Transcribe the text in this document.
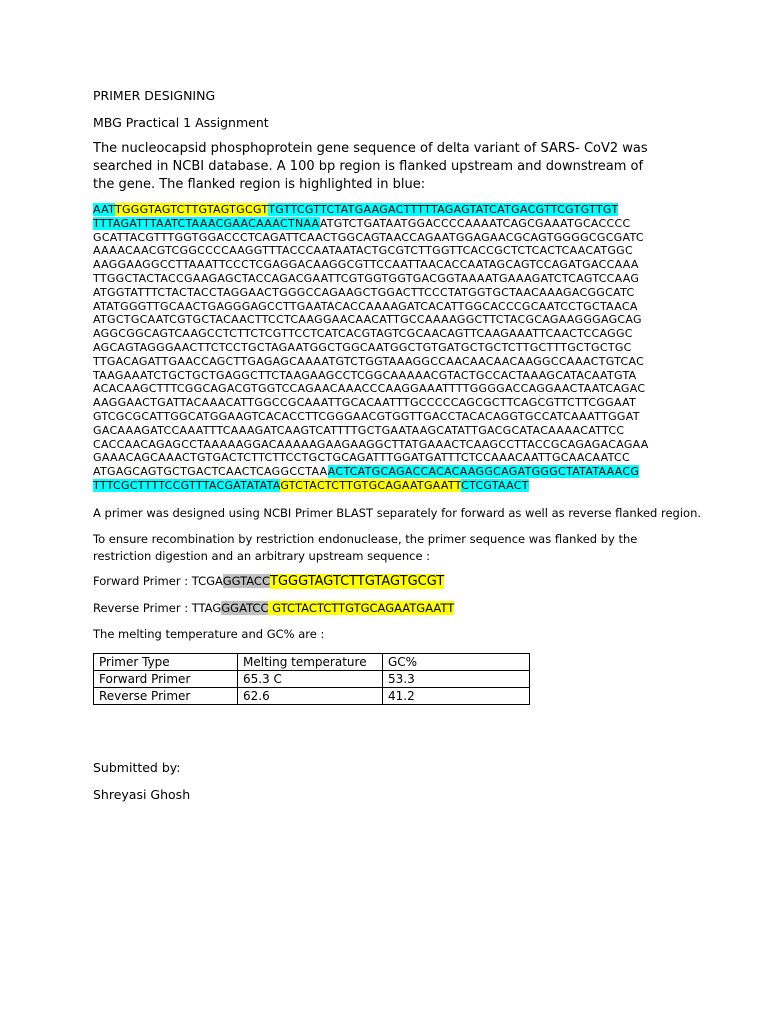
PRIMER DESIGNING

MBG Practical 1 Assignment

The nucleocapsid phosphoprotein gene sequence of delta variant of SARS- CoV2 was searched in NCBI database. A 100 bp region is flanked upstream and downstream of the gene. The flanked region is highlighted in blue:

AATTGGGTAGTCTTGTAGTGCGTTGTTCGTTCTATGAAGACTTTTTAGAGTATCATGACGTTCGTGTTGT
TTTAGATTTAATCTAAACGAACAAACTNAAATGTCTGATAATGGACCCCAAAATCAGCGAAATGCACCCC
GCATTACGTTTGGTGGACCCTCAGATTCAACTGGCAGTAACCAGAATGGAGAACGCAGTGGGGCGCGATC
AAAACAACGTCGGCCCCAAGGTTTACCCAATAATACTGCGTCTTGGTTCACCGCTCTCACTCAACATGGC
AAGGAAGGCCTTAAATTCCCTCGAGGACAAGGCGTTCCAATTAACACCAATAGCAGTCCAGATGACCAAA
TTGGCTACTACCGAAGAGCTACCAGACGAATTCGTGGTGGTGACGGTAAAATGAAAGATCTCAGTCCAAG
ATGGTATTTCTACTACCTAGGAACTGGGCCAGAAGCTGGACTTCCCTATGGTGCTAACAAAGACGGCATC
ATATGGGTTGCAACTGAGGGAGCCTTGAATACACCAAAAGATCACATTGGCACCCGCAATCCTGCTAACA
ATGCTGCAATCGTGCTACAACTTCCTCAAGGAACAACATTGCCAAAAGGCTTCTACGCAGAAGGGAGCAG
AGGCGGCAGTCAAGCCTCTTCTCGTTCCTCATCACGTAGTCGCAACAGTTCAAGAAATTCAACTCCAGGC
AGCAGTAGGGAACTTCTCCTGCTAGAATGGCTGGCAATGGCTGTGATGCTGCTCTTGCTTTGCTGCTGC
TTGACAGATTGAACCAGCTTGAGAGCAAAATGTCTGGTAAAGGCCAACAACAACAAGGCCAAACTGTCAC
TAAGAAATCTGCTGCTGAGGCTTCTAAGAAGCCTCGGCAAAAACGTACTGCCACTAAAGCATACAATGTA
ACACAAGCTTTCGGCAGACGTGGTCCAGAACAAACCCAAGGAAATTTTGGGGACCAGGAACTAATCAGAC
AAGGAACTGATTACAAACATTGGCCGCAAATTGCACAATTTGCCCCCAGCGCTTCAGCGTTCTTCGGAAT
GTCGCGCATTGGCATGGAAGTCACACCTTCGGGAACGTGGTTGACCTACACAGGTGCCATCAAATTGGAT
GACAAAGATCCAAATTTCAAAGATCAAGTCATTTTGCTGAATAAGCATATTGACGCATACAAAACATTCC
CACCAACAGAGCCTAAAAAGGACAAAAAGAAGAAGGCTTATGAAACTCAAGCCTTACCGCAGAGACAGAA
GAAACAGCAAACTGTGACTCTTCTTCCTGCTGCAGATTTGGATGATTTCTCCAAACAATTGCAACAATCC
ATGAGCAGTGCTGACTCAACTCAGGCCTAAACTCATGCAGACCACACAAGGCAGATGGGCTATATAAACG
TTTCGCTTTTCCGTTTACGATATATAGTCTACTCTTGTGCAGAATGAATTCTCGTAACT

A primer was designed using NCBI Primer BLAST separately for forward as well as reverse flanked region.

To ensure recombination by restriction endonuclease, the primer sequence was flanked by the restriction digestion and an arbitrary upstream sequence :

Forward Primer : TCGAGGTACCTGGGTAGTCTTGTAGTGCGT

Reverse Primer : TTAGGGATCC GTCTACTCTTGTGCAGAATGAATT

The melting temperature and GC% are :

Primer Type	Melting temperature	GC%
Forward Primer	65.3 C	53.3
Reverse Primer	62.6	41.2

Submitted by:

Shreyasi Ghosh
